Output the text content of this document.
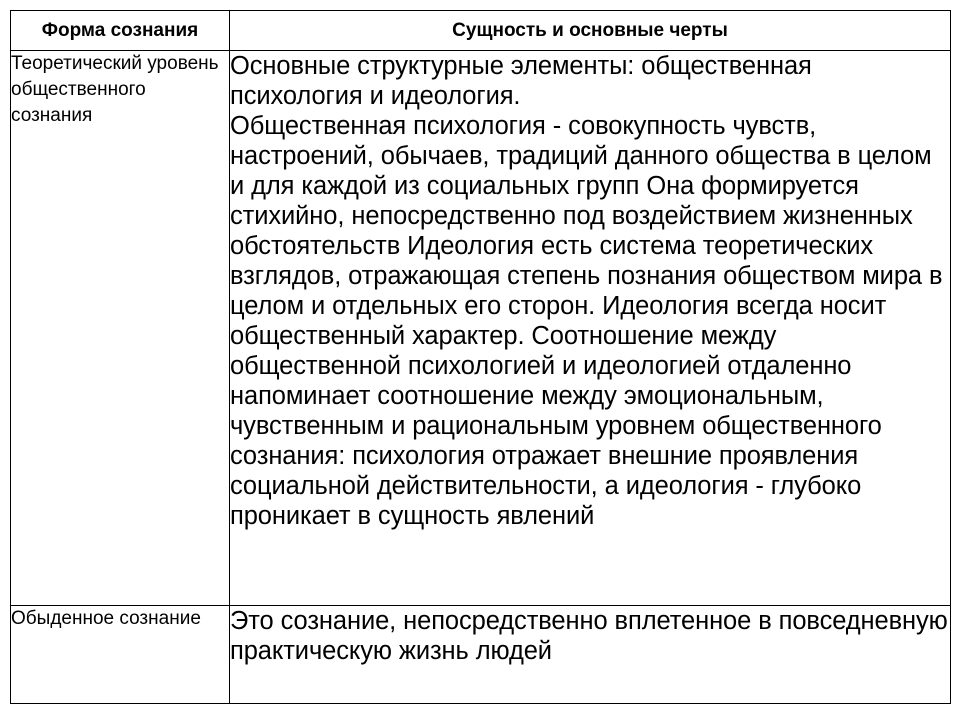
Форма сознания	Сущность и основные черты
Теоретический уровень общественного сознания	Основные структурные элементы: общественная психология и идеология.

Общественная психология - совокупность чувств, настроений, обычаев, традиций данного общества в целом и для каждой из социальных групп Она формируется стихийно, непосредственно под воздействием жизненных обстоятельств Идеология есть система теоретических взглядов, отражающая степень познания обществом мира в целом и отдельных его сторон. Идеология всегда носит общественный характер. Соотношение между общественной психологией и идеологией отдаленно напоминает соотношение между эмоциональным, чувственным и рациональным уровнем общественного сознания: психология отражает внешние проявления социальной действительности, а идеология - глубоко проникает в сущность явлений

Обыденное сознание	Это сознание, непосредственно вплетенное в повседневную практическую жизнь людей
